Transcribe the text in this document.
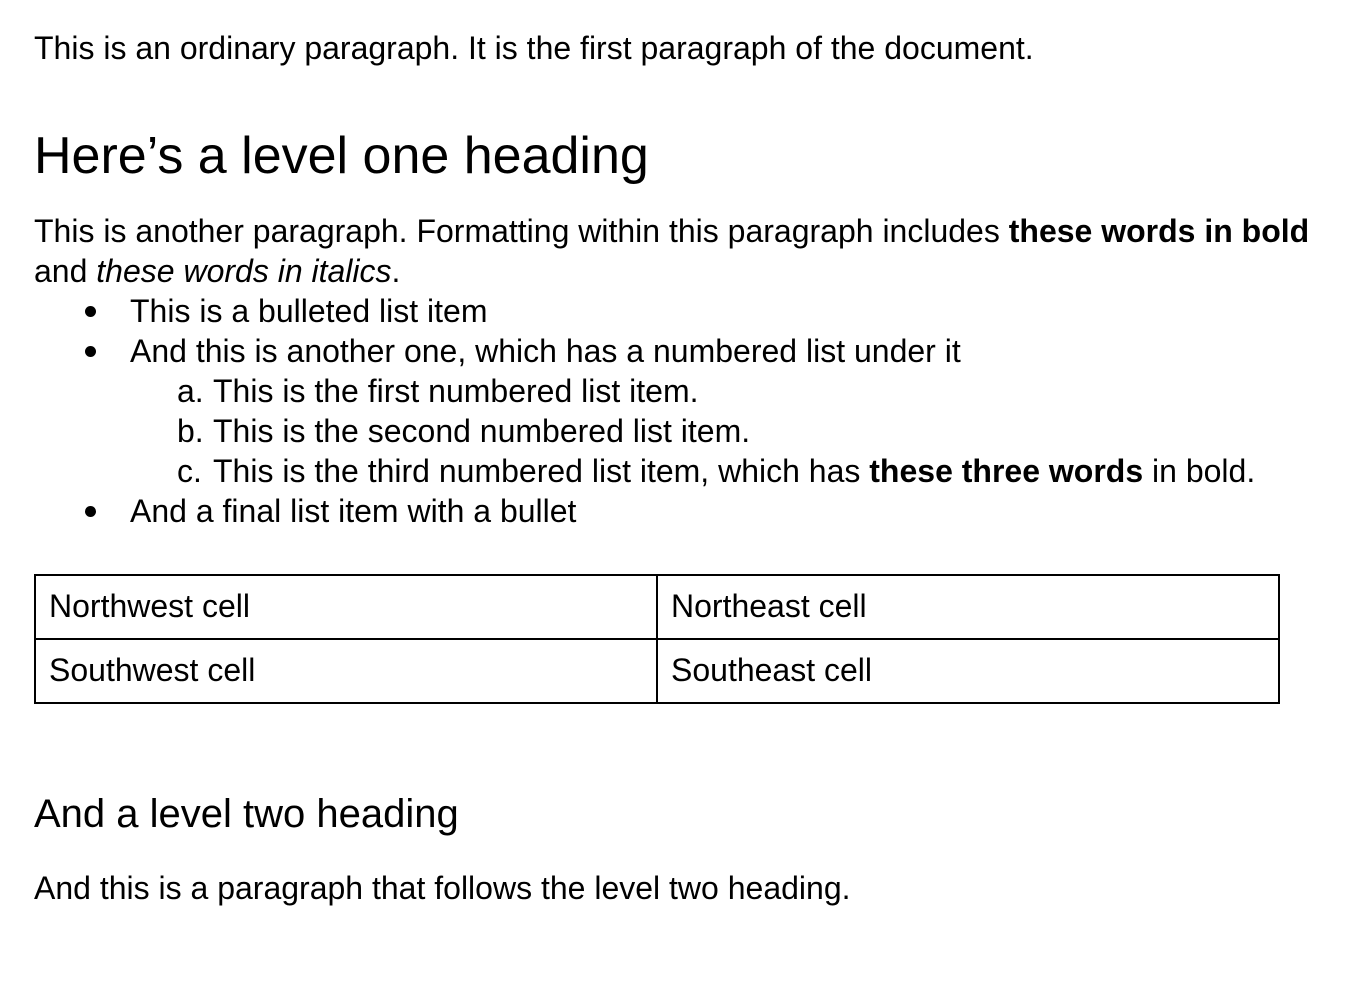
This is an ordinary paragraph. It is the first paragraph of the document.

Here’s a level one heading

This is another paragraph. Formatting within this paragraph includes these words in bold and these words in italics.

This is a bulleted list item
And this is another one, which has a numbered list under it
a. This is the first numbered list item.
b. This is the second numbered list item.
c. This is the third numbered list item, which has these three words in bold.
And a final list item with a bullet
Northwest cell	Northeast cell
Southwest cell	Southeast cell
And a level two heading

And this is a paragraph that follows the level two heading.
